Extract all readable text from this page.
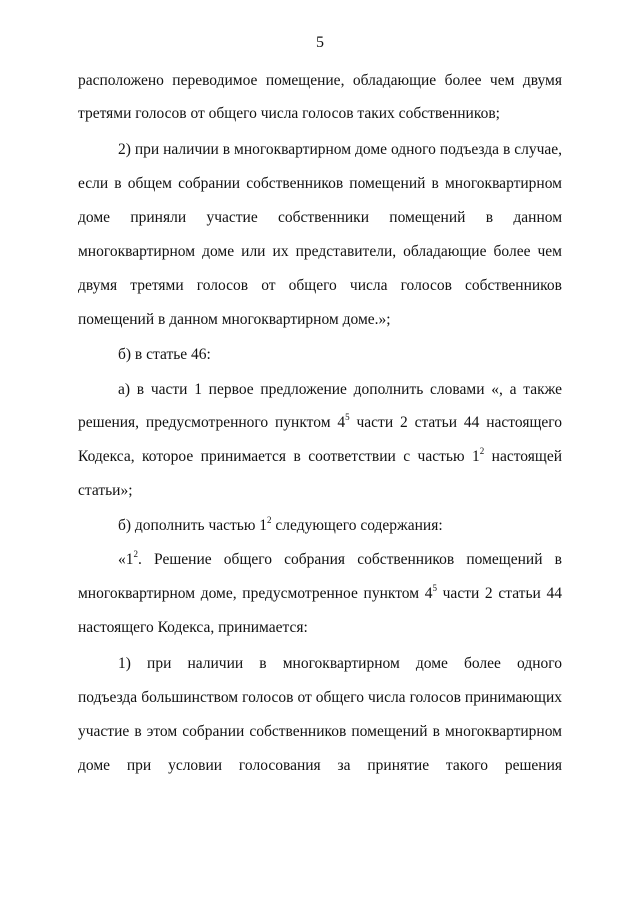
5
расположено переводимое помещение, обладающие более чем двумя
третями голосов от общего числа голосов таких собственников;
2) при наличии в многоквартирном доме одного подъезда в случае,
если в общем собрании собственников помещений в многоквартирном
доме приняли участие собственники помещений в данном
многоквартирном доме или их представители, обладающие более чем
двумя третями голосов от общего числа голосов собственников
помещений в данном многоквартирном доме.»;
б) в статье 46:
а) в части 1 первое предложение дополнить словами «, а также
решения, предусмотренного пунктом $4^5$ части 2 статьи 44 настоящего
Кодекса, которое принимается в соответствии с частью $1^2$ настоящей
статьи»;
б) дополнить частью $1^2$ следующего содержания:
«$1^2$. Решение общего собрания собственников помещений в
многоквартирном доме, предусмотренное пунктом $4^5$ части 2 статьи 44
настоящего Кодекса, принимается:
1) при наличии в многоквартирном доме более одного
подъезда большинством голосов от общего числа голосов принимающих
участие в этом собрании собственников помещений в многоквартирном
доме при условии голосования за принятие такого решения
